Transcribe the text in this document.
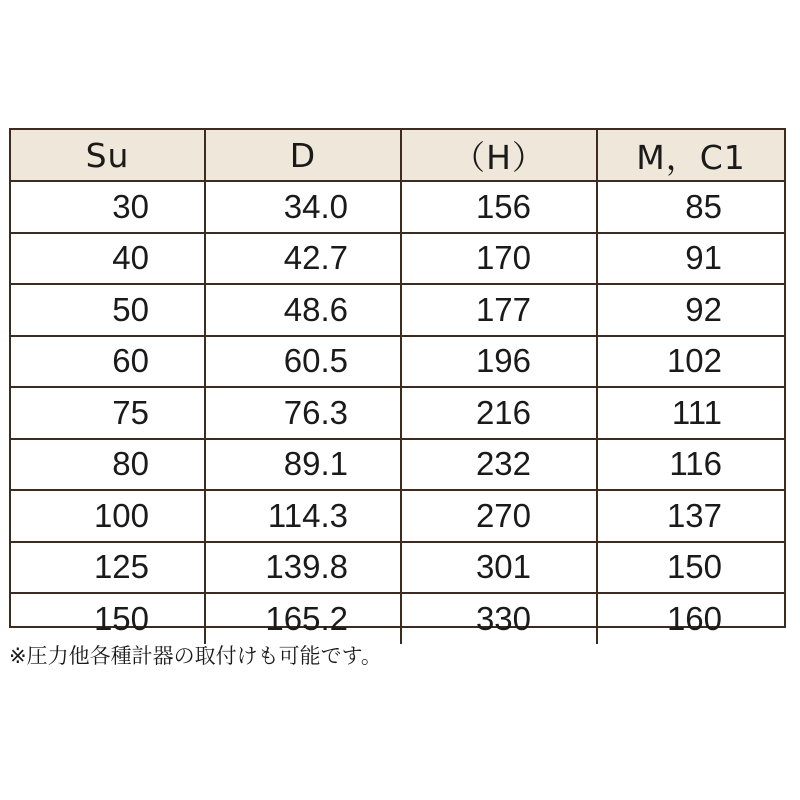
Su	D	（H）	M，C1
30	34.0	156	85
40	42.7	170	91
50	48.6	177	92
60	60.5	196	102
75	76.3	216	111
80	89.1	232	116
100	114.3	270	137
125	139.8	301	150
150	165.2	330	160
※圧力他各種計器の取付けも可能です。
